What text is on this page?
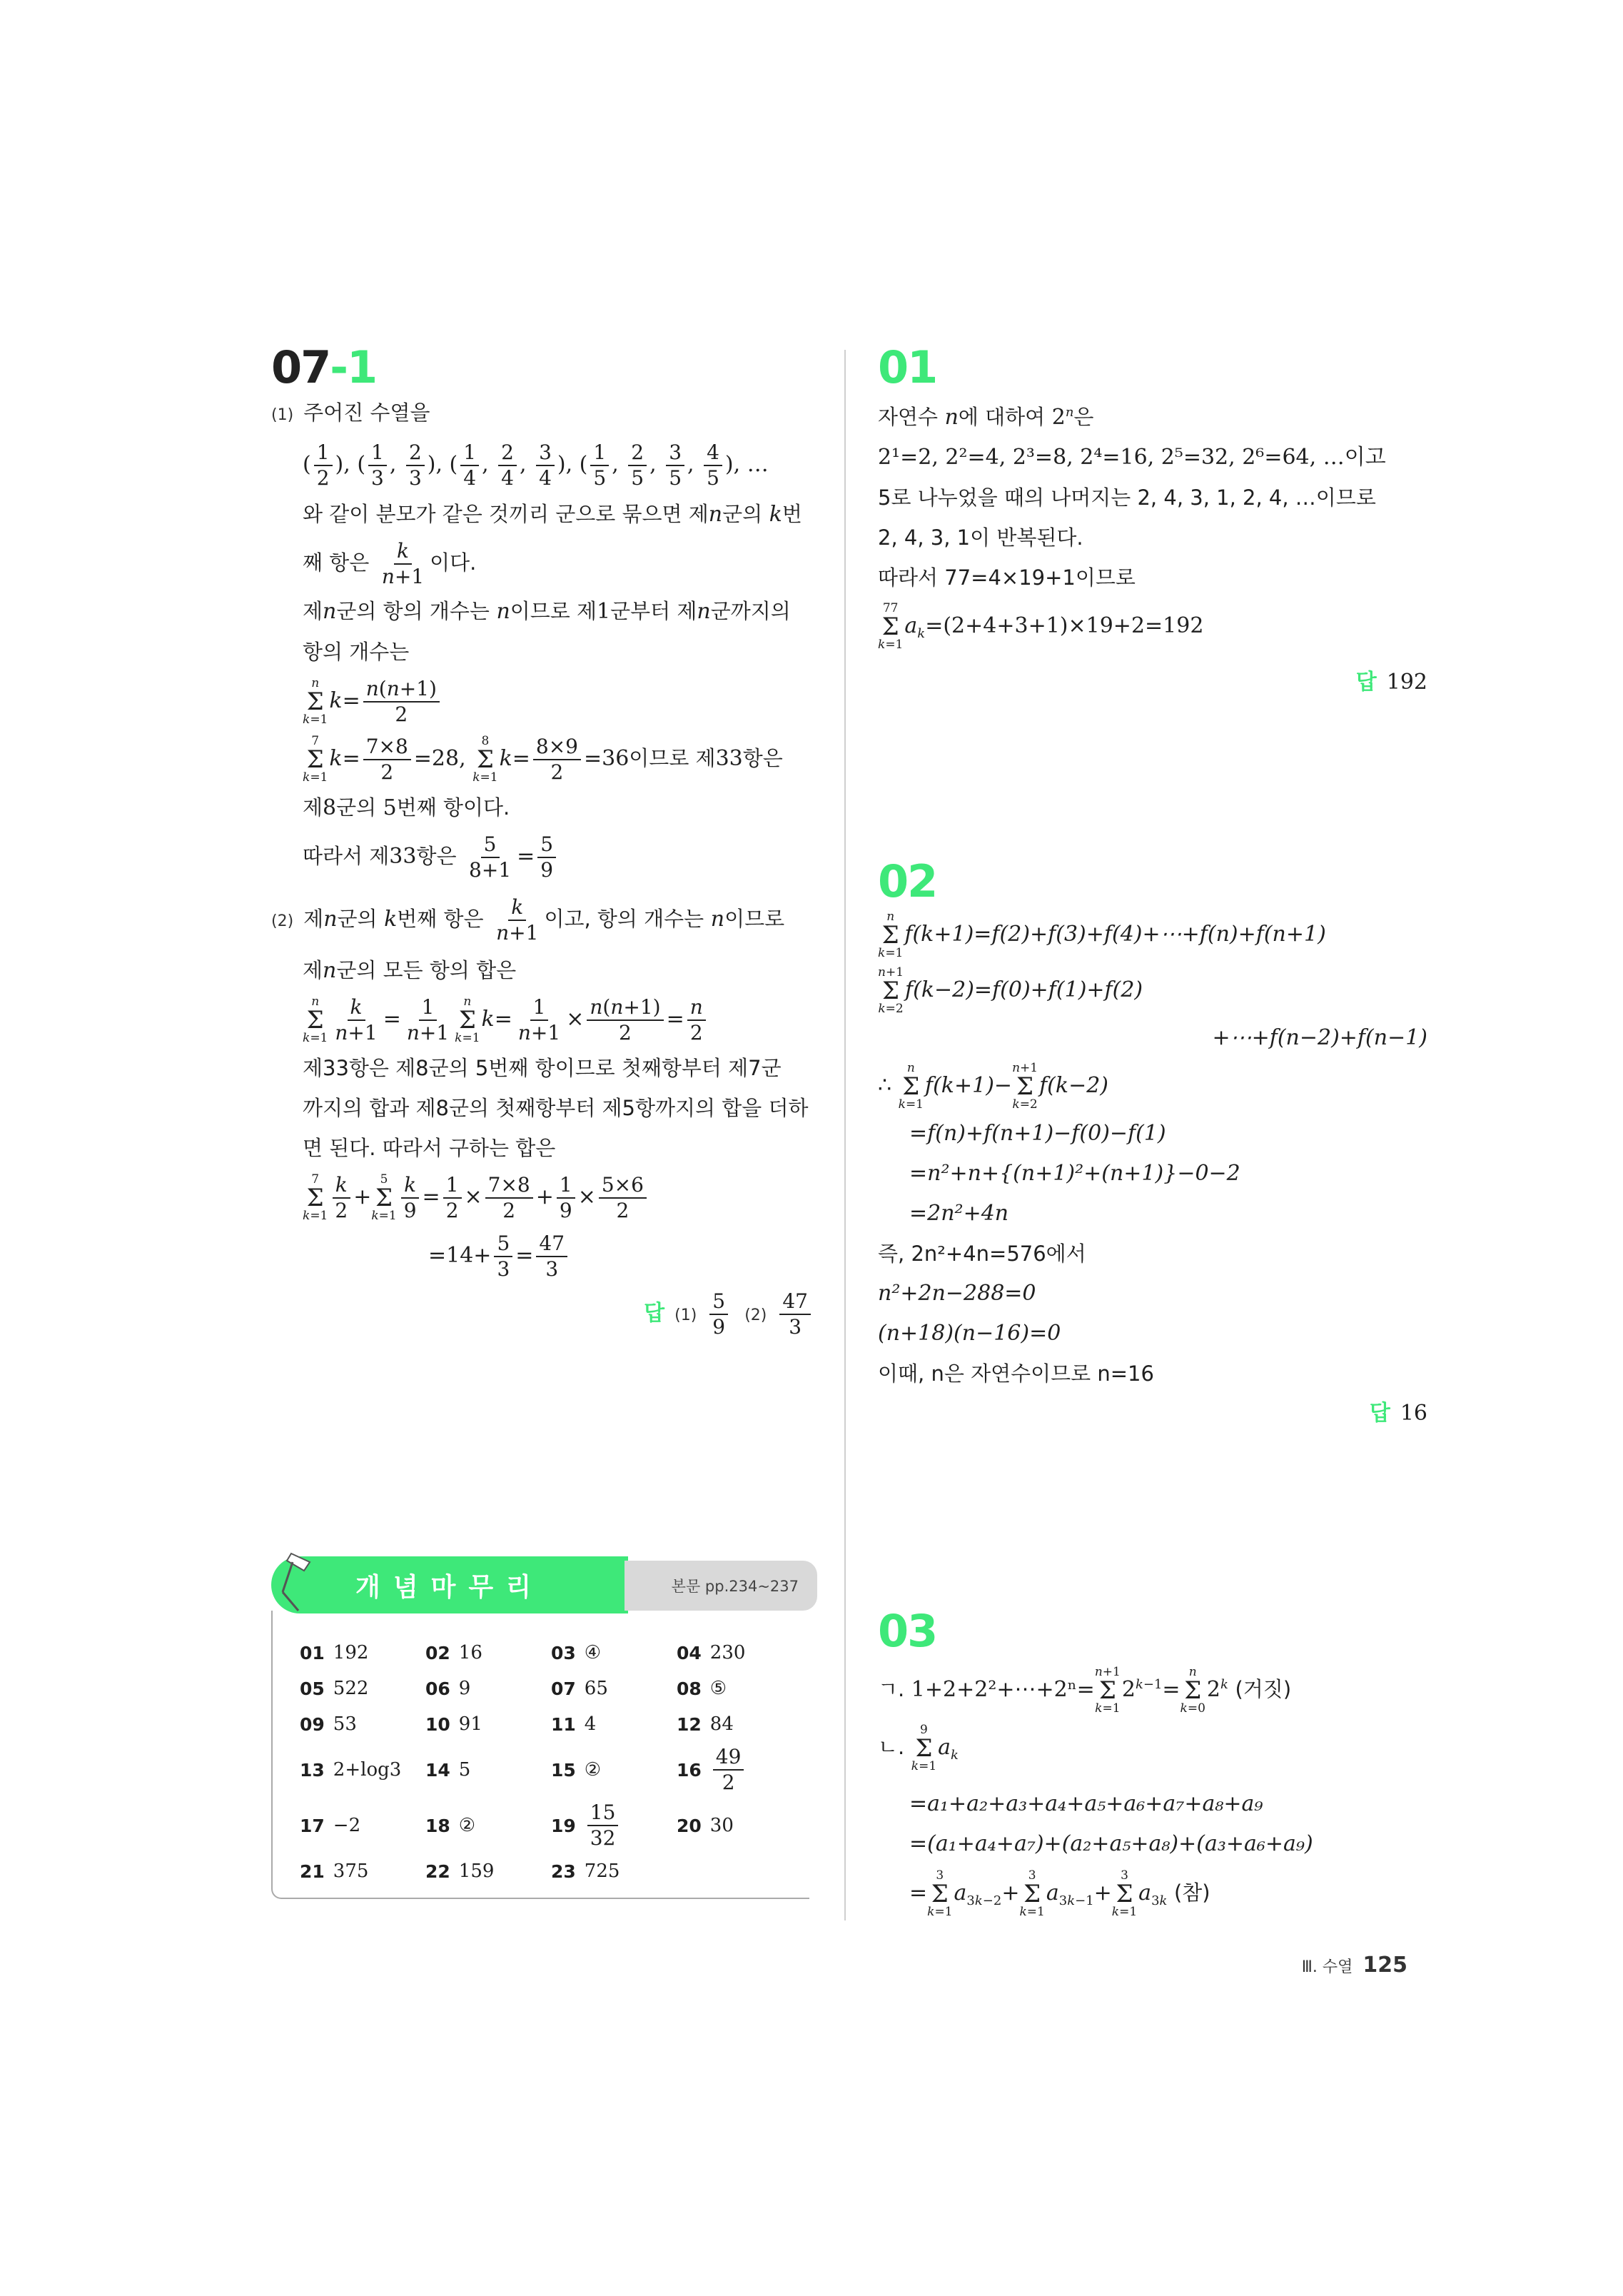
07-1
(1) 주어진 수열을
( $\frac{1}{2}$ ), ( $\frac{1}{3}$ , $\frac{2}{3}$ ), ( $\frac{1}{4}$ , $\frac{2}{4}$ , $\frac{3}{4}$ ), ( $\frac{1}{5}$ , $\frac{2}{5}$ , $\frac{3}{5}$ , $\frac{4}{5}$ ), …
와 같이 분모가 같은 것끼리 군으로 묶으면 제n군의 k번
째 항은 $\frac{k}{n+1}$ 이다.
제n군의 항의 개수는 n이므로 제1군부터 제n군까지의
항의 개수는
n
Σ
k=1
$k= \frac{n(n+1)}{2}$
7
Σ
k=1
$k= \frac{7\times 8}{2} =28$,
8
Σ
k=1
$k= \frac{8\times 9}{2} =36$이므로 제33항은
제8군의 5번째 항이다.
따라서 제33항은 $\frac{5}{8+1} = \frac{5}{9}$
(2) 제n군의 k번째 항은 $\frac{k}{n+1}$ 이고, 항의 개수는 n이므로
제n군의 모든 항의 합은
n
Σ
$k=1 \frac{k}{n+1} = \frac{1}{n+1}$ n
Σ
k=1
$k= \frac{1}{n+1} \times \frac{n(n+1)}{2} = \frac{n}{2}$
제33항은 제8군의 5번째 항이므로 첫째항부터 제7군
까지의 합과 제8군의 첫째항부터 제5항까지의 합을 더하
면 된다. 따라서 구하는 합은
7
Σ
$k=1 \frac{k}{2}$ +
5
Σ
$k=1 \frac{k}{9} = \frac{1}{2} \times \frac{7\times 8}{2} + \frac{1}{9} \times \frac{5\times 6}{2}$
$=14+ \frac{5}{3} = \frac{47}{3}$
답 $(1) \frac{5}{9} (2) \frac{47}{3}$
개념마무리	본문 pp.234~237
01 192	02 16	03 ④	04 230
05 522	06 9	07 65	08 ⑤
09 53	10 91	11 4	12 84
13 2+log3 14 5	15 ②	$16 \frac{49}{2}$
17 −2	18 ②	$19 \frac{15}{32}$	20 30
21 375	22 159	23 725
01
자연수 n에 대하여 2$^n$은
2¹=2, 2²=4, 2³=8, 2⁴=16, 2⁵=32, 2⁶=64, …이고
5로 나누었을 때의 나머지는 2, 4, 3, 1, 2, 4, …이므로
2, 4, 3, 1이 반복된다.
따라서 77=4×19+1이므로
77
Σ
k=1
$a_k=(2+4+3+1)\times 19+2=192$
답 192
02
n
Σ
k=1
f(k+1)=f(2)+f(3)+f(4)+⋯+f(n)+f(n+1)
n+1
Σ
k=2
f(k−2)=f(0)+f(1)+f(2)
+⋯+f(n−2)+f(n−1)
∴
n
Σ
k=1
f(k+1)−
n+1
Σ
k=2
f(k−2)
=f(n)+f(n+1)−f(0)−f(1)
=n²+n+{(n+1)²+(n+1)}−0−2
=2n²+4n
즉, 2n²+4n=576에서
n²+2n−288=0
(n+18)(n−16)=0
이때, n은 자연수이므로 n=16
답 16
03
ㄱ. 1+2+2²+⋯+2ⁿ=
n+1
Σ
k=1
$2^{k-1}=$
n
Σ
k=0
2$^k$ (거짓)
ㄴ.
9
Σ
k=1
$a_k$
=a₁+a₂+a₃+a₄+a₅+a₆+a₇+a₈+a₉
=(a₁+a₄+a₇)+(a₂+a₅+a₈)+(a₃+a₆+a₉)
=
3
Σ
k=1
$a_{3k-2}+$
3
Σ
k=1
$a_{3k-1}+$
3
Σ
k=1
$a_{3k}$ (참)
Ⅲ. 수열 125
